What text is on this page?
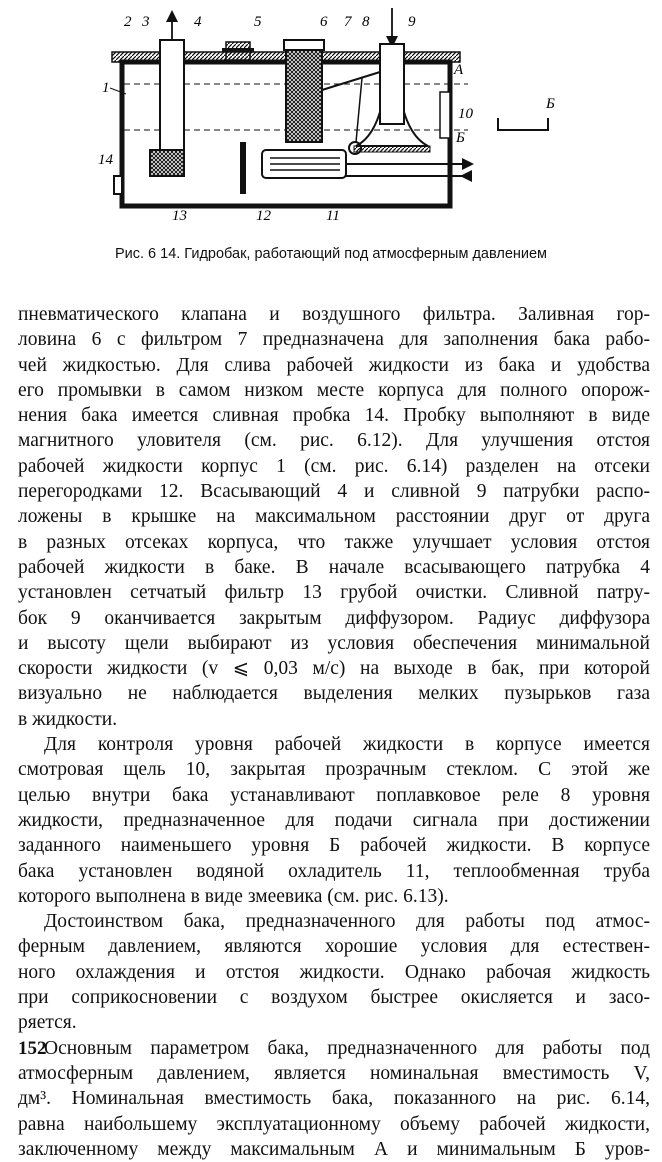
1
2 3	4	5	6 7 8	9
10
11
12
13
14
А
Б
Б
Рис. 6 14. Гидробак, работающий под атмосферным давлением
пневматического клапана и воздушного фильтра. Заливная гор-
ловина 6 с фильтром 7 предназначена для заполнения бака рабо-
чей жидкостью. Для слива рабочей жидкости из бака и удобства
его промывки в самом низком месте корпуса для полного опорож-
нения бака имеется сливная пробка 14. Пробку выполняют в виде
магнитного уловителя (см. рис. 6.12). Для улучшения отстоя
рабочей жидкости корпус 1 (см. рис. 6.14) разделен на отсеки
перегородками 12. Всасывающий 4 и сливной 9 патрубки распо-
ложены в крышке на максимальном расстоянии друг от друга
в разных отсеках корпуса, что также улучшает условия отстоя
рабочей жидкости в баке. В начале всасывающего патрубка 4
установлен сетчатый фильтр 13 грубой очистки. Сливной патру-
бок 9 оканчивается закрытым диффузором. Радиус диффузора
и высоту щели выбирают из условия обеспечения минимальной
скорости жидкости (v ⩽ 0,03 м/с) на выходе в бак, при которой
визуально не наблюдается выделения мелких пузырьков газа
в жидкости.
Для контроля уровня рабочей жидкости в корпусе имеется
смотровая щель 10, закрытая прозрачным стеклом. С этой же
целью внутри бака устанавливают поплавковое реле 8 уровня
жидкости, предназначенное для подачи сигнала при достижении
заданного наименьшего уровня Б рабочей жидкости. В корпусе
бака установлен водяной охладитель 11, теплообменная труба
которого выполнена в виде змеевика (см. рис. 6.13).
Достоинством бака, предназначенного для работы под атмос-
ферным давлением, являются хорошие условия для естествен-
ного охлаждения и отстоя жидкости. Однако рабочая жидкость
при соприкосновении с воздухом быстрее окисляется и засо-
ряется.
Основным параметром бака, предназначенного для работы под
атмосферным давлением, является номинальная вместимость V,
дм³. Номинальная вместимость бака, показанного на рис. 6.14,
равна наибольшему эксплуатационному объему рабочей жидкости,
заключенному между максимальным А и минимальным Б уров-
152
